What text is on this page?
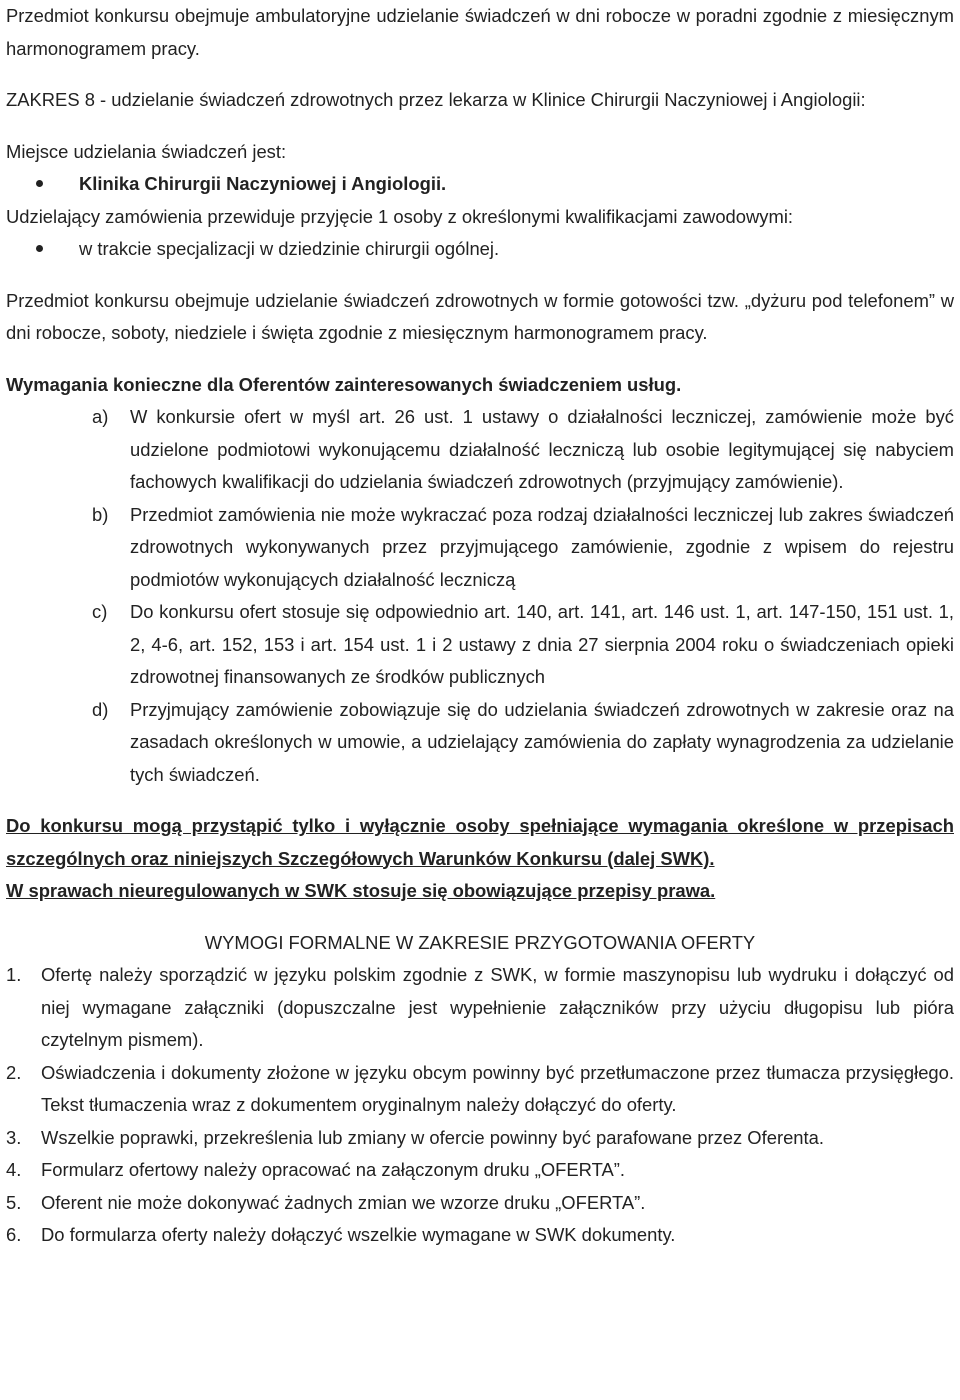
Przedmiot konkursu obejmuje ambulatoryjne udzielanie świadczeń w dni robocze w poradni zgodnie z miesięcznym harmonogramem pracy.

ZAKRES 8 - udzielanie świadczeń zdrowotnych przez lekarza w Klinice Chirurgii Naczyniowej i Angiologii:

Miejsce udzielania świadczeń jest:

Klinika Chirurgii Naczyniowej i Angiologii.

Udzielający zamówienia przewiduje przyjęcie 1 osoby z określonymi kwalifikacjami zawodowymi:

w trakcie specjalizacji w dziedzinie chirurgii ogólnej.

Przedmiot konkursu obejmuje udzielanie świadczeń zdrowotnych w formie gotowości tzw. „dyżuru pod telefonem” w dni robocze, soboty, niedziele i święta zgodnie z miesięcznym harmonogramem pracy.

Wymagania konieczne dla Oferentów zainteresowanych świadczeniem usług.

a)	W konkursie ofert w myśl art. 26 ust. 1 ustawy o działalności leczniczej, zamówienie może być udzielone podmiotowi wykonującemu działalność leczniczą lub osobie legitymującej się nabyciem fachowych kwalifikacji do udzielania świadczeń zdrowotnych (przyjmujący zamówienie).
b)	Przedmiot zamówienia nie może wykraczać poza rodzaj działalności leczniczej lub zakres świadczeń zdrowotnych wykonywanych przez przyjmującego zamówienie, zgodnie z wpisem do rejestru podmiotów wykonujących działalność leczniczą
c)	Do konkursu ofert stosuje się odpowiednio art. 140, art. 141, art. 146 ust. 1, art. 147-150, 151 ust. 1, 2, 4-6, art. 152, 153 i art. 154 ust. 1 i 2 ustawy z dnia 27 sierpnia 2004 roku o świadczeniach opieki zdrowotnej finansowanych ze środków publicznych
d)	Przyjmujący zamówienie zobowiązuje się do udzielania świadczeń zdrowotnych w zakresie oraz na zasadach określonych w umowie, a udzielający zamówienia do zapłaty wynagrodzenia za udzielanie tych świadczeń.

Do konkursu mogą przystąpić tylko i wyłącznie osoby spełniające wymagania określone w przepisach szczególnych oraz niniejszych Szczegółowych Warunków Konkursu (dalej SWK).

W sprawach nieuregulowanych w SWK stosuje się obowiązujące przepisy prawa.

WYMOGI FORMALNE W ZAKRESIE PRZYGOTOWANIA OFERTY

1.	Ofertę należy sporządzić w języku polskim zgodnie z SWK, w formie maszynopisu lub wydruku i dołączyć od niej wymagane załączniki (dopuszczalne jest wypełnienie załączników przy użyciu długopisu lub pióra czytelnym pismem).
2.	Oświadczenia i dokumenty złożone w języku obcym powinny być przetłumaczone przez tłumacza przysięgłego. Tekst tłumaczenia wraz z dokumentem oryginalnym należy dołączyć do oferty.
3.	Wszelkie poprawki, przekreślenia lub zmiany w ofercie powinny być parafowane przez Oferenta.
4.	Formularz ofertowy należy opracować na załączonym druku „OFERTA”.
5.	Oferent nie może dokonywać żadnych zmian we wzorze druku „OFERTA”.
6.	Do formularza oferty należy dołączyć wszelkie wymagane w SWK dokumenty.
